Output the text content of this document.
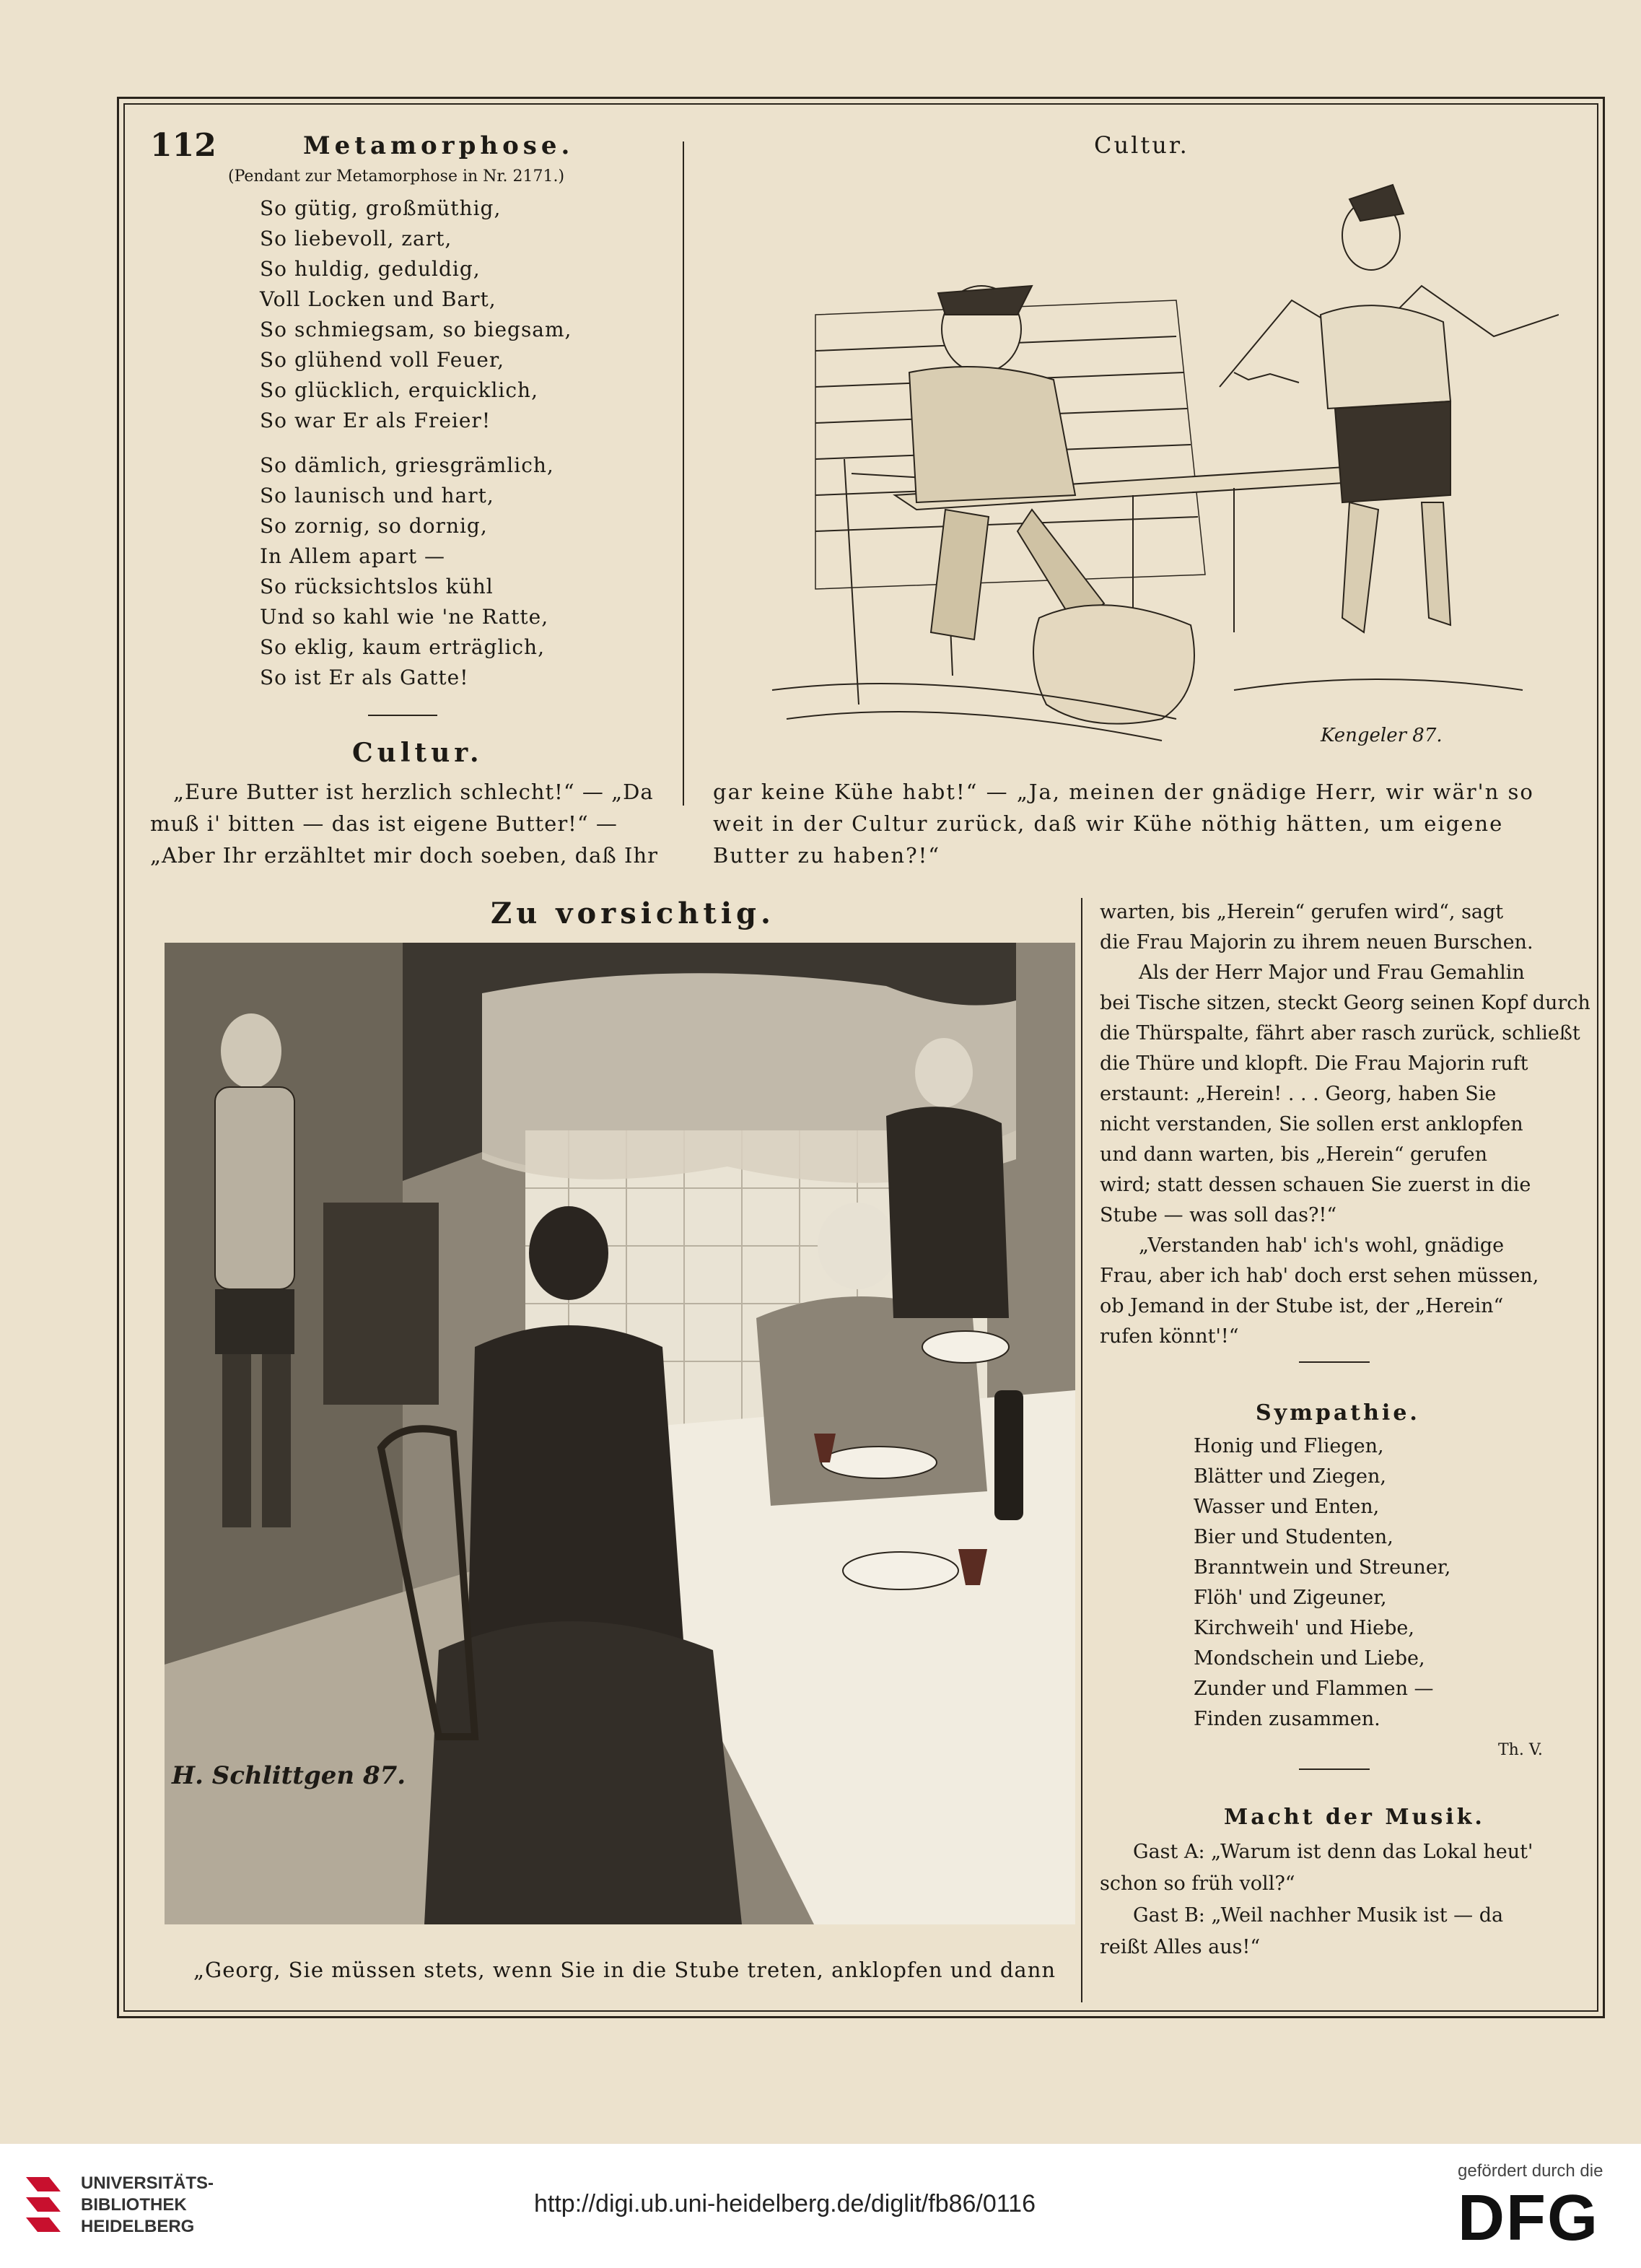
112	Metamorphose.
(Pendant zur Metamorphose in Nr. 2171.)
So gütig, großmüthig,
So liebevoll, zart,
So huldig, geduldig,
Voll Locken und Bart,
So schmiegsam, so biegsam,
So glühend voll Feuer,
So glücklich, erquicklich,
So war Er als Freier!
So dämlich, griesgrämlich,
So launisch und hart,
So zornig, so dornig,
In Allem apart —
So rücksichtslos kühl
Und so kahl wie 'ne Ratte,
So eklig, kaum erträglich,
So ist Er als Gatte!
Cultur.
Kengeler 87.
Cultur.
„Eure Butter ist herzlich schlecht!“ — „Da
muß i' bitten — das ist eigene Butter!“ —
„Aber Ihr erzähltet mir doch soeben, daß Ihr
gar keine Kühe habt!“ — „Ja, meinen der gnädige Herr, wir wär'n so
weit in der Cultur zurück, daß wir Kühe nöthig hätten, um eigene
Butter zu haben?!“
Zu vorsichtig.
H. Schlittgen 87.
„Georg, Sie müssen stets, wenn Sie in die Stube treten, anklopfen und dann
warten, bis „Herein“ gerufen wird“, sagt
die Frau Majorin zu ihrem neuen Burschen.
Als der Herr Major und Frau Gemahlin
bei Tische sitzen, steckt Georg seinen Kopf durch
die Thürspalte, fährt aber rasch zurück, schließt
die Thüre und klopft. Die Frau Majorin ruft
erstaunt: „Herein! . . . Georg, haben Sie
nicht verstanden, Sie sollen erst anklopfen
und dann warten, bis „Herein“ gerufen
wird; statt dessen schauen Sie zuerst in die
Stube — was soll das?!“
„Verstanden hab' ich's wohl, gnädige
Frau, aber ich hab' doch erst sehen müssen,
ob Jemand in der Stube ist, der „Herein“
rufen könnt'!“
Sympathie.
Honig und Fliegen,
Blätter und Ziegen,
Wasser und Enten,
Bier und Studenten,
Branntwein und Streuner,
Flöh' und Zigeuner,
Kirchweih' und Hiebe,
Mondschein und Liebe,
Zunder und Flammen —
Finden zusammen.
Th. V.
Macht der Musik.
Gast A: „Warum ist denn das Lokal heut'
schon so früh voll?“
Gast B: „Weil nachher Musik ist — da
reißt Alles aus!“
UNIVERSITÄTS-
BIBLIOTHEK
HEIDELBERG
http://digi.ub.uni-heidelberg.de/diglit/fb86/0116
gefördert durch die
DFG
